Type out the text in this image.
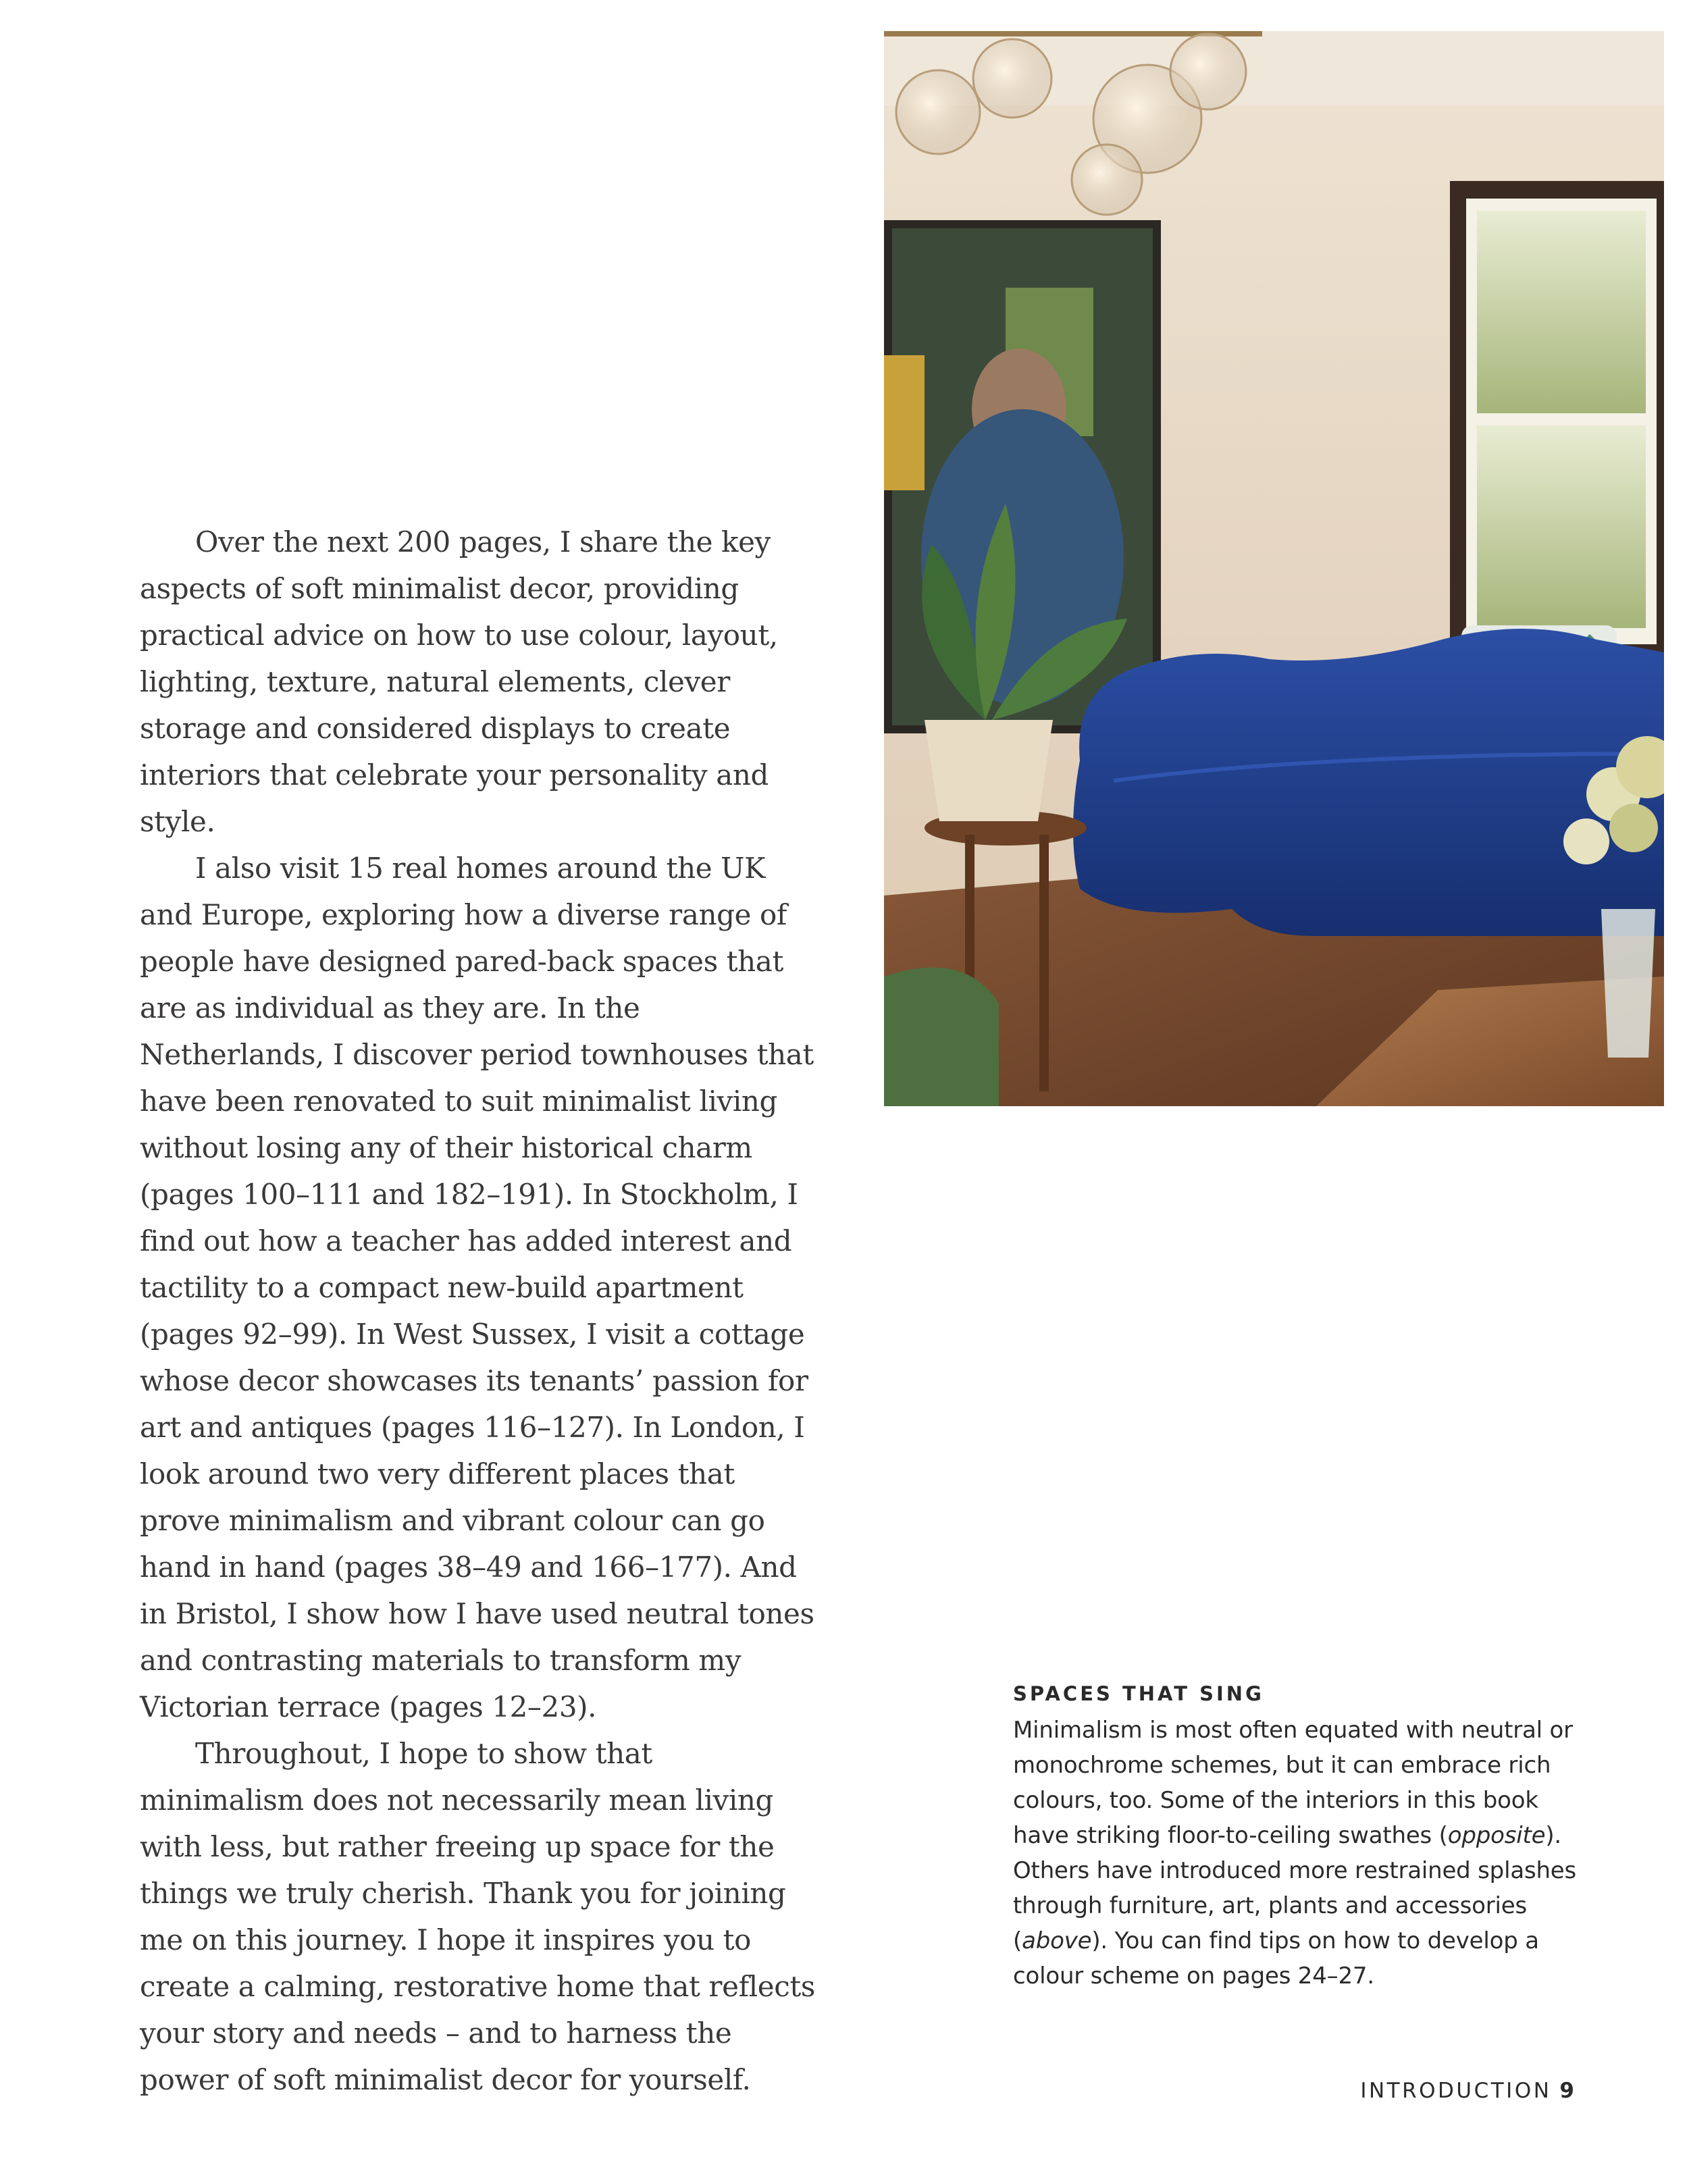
Over the next 200 pages, I share the key aspects of soft minimalist decor, providing practical advice on how to use colour, layout, lighting, texture, natural elements, clever storage and considered displays to create interiors that celebrate your personality and style.

I also visit 15 real homes around the UK and Europe, exploring how a diverse range of people have designed pared-back spaces that are as individual as they are. In the Netherlands, I discover period townhouses that have been renovated to suit minimalist living without losing any of their historical charm (pages 100–111 and 182–191). In Stockholm, I find out how a teacher has added interest and tactility to a compact new-build apartment (pages 92–99). In West Sussex, I visit a cottage whose decor showcases its tenants’ passion for art and antiques (pages 116–127). In London, I look around two very different places that prove minimalism and vibrant colour can go hand in hand (pages 38–49 and 166–177). And in Bristol, I show how I have used neutral tones and contrasting materials to transform my Victorian terrace (pages 12–23).

Throughout, I hope to show that minimalism does not necessarily mean living with less, but rather freeing up space for the things we truly cherish. Thank you for joining me on this journey. I hope it inspires you to create a calming, restorative home that reflects your story and needs – and to harness the power of soft minimalist decor for yourself.

SPACES THAT SING
Minimalism is most often equated with neutral or monochrome schemes, but it can embrace rich colours, too. Some of the interiors in this book have striking floor-to-ceiling swathes (opposite). Others have introduced more restrained splashes through furniture, art, plants and accessories (above). You can find tips on how to develop a colour scheme on pages 24–27.
INTRODUCTION 9
